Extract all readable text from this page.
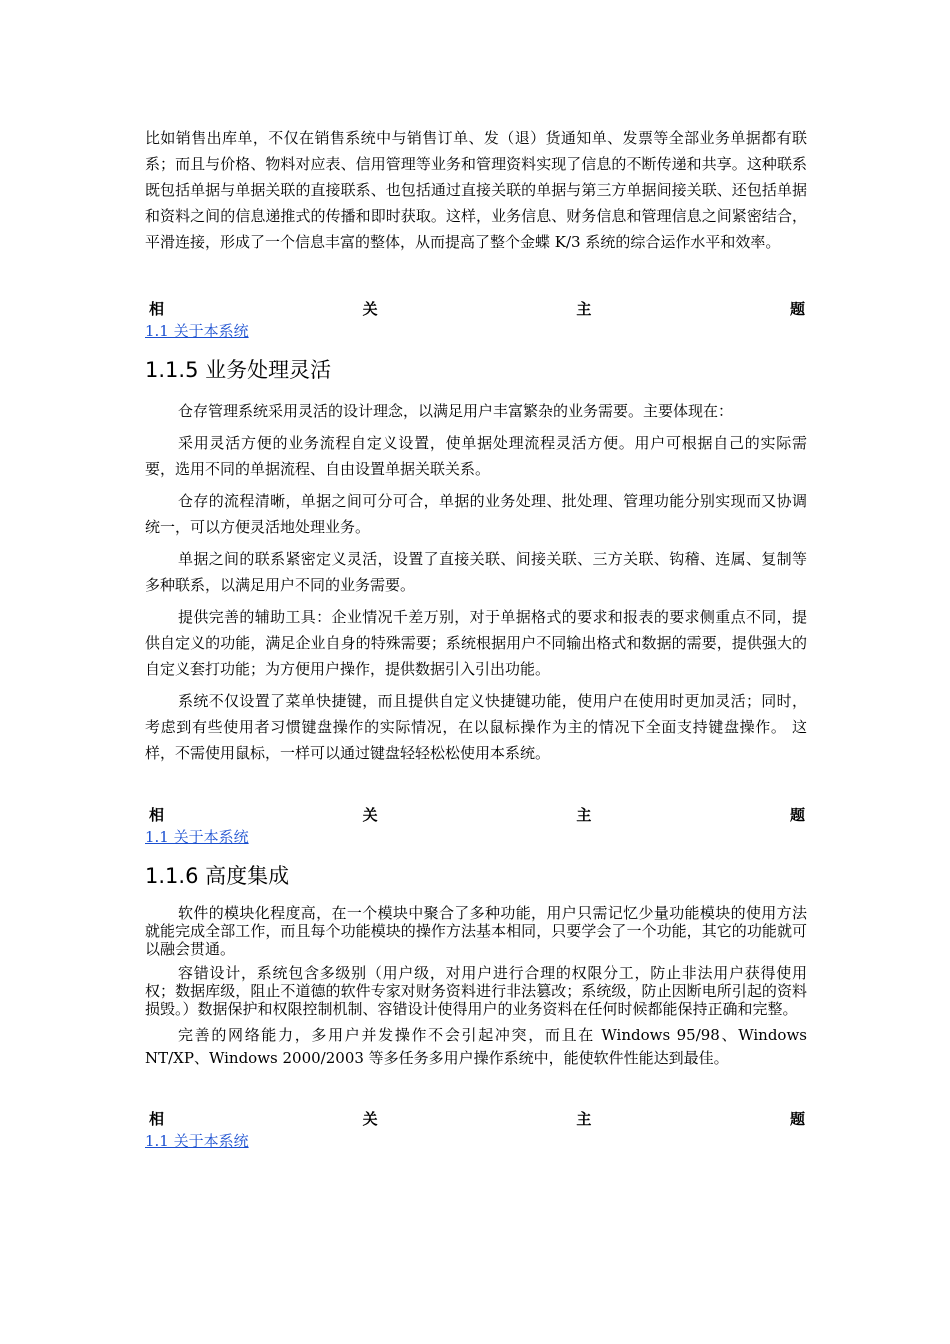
比如销售出库单，不仅在销售系统中与销售订单、发（退）货通知单、发票等全部业务单据都有联系；而且与价格、物料对应表、信用管理等业务和管理资料实现了信息的不断传递和共享。这种联系既包括单据与单据关联的直接联系、也包括通过直接关联的单据与第三方单据间接关联、还包括单据和资料之间的信息递推式的传播和即时获取。这样，业务信息、财务信息和管理信息之间紧密结合，平滑连接，形成了一个信息丰富的整体，从而提高了整个金蝶 K/3 系统的综合运作水平和效率。

相	关	主	题
1.1 关于本系统
1.1.5 业务处理灵活

仓存管理系统采用灵活的设计理念，以满足用户丰富繁杂的业务需要。主要体现在：

采用灵活方便的业务流程自定义设置，使单据处理流程灵活方便。用户可根据自己的实际需要，选用不同的单据流程、自由设置单据关联关系。

仓存的流程清晰，单据之间可分可合，单据的业务处理、批处理、管理功能分别实现而又协调统一，可以方便灵活地处理业务。

单据之间的联系紧密定义灵活，设置了直接关联、间接关联、三方关联、钩稽、连属、复制等多种联系，以满足用户不同的业务需要。

提供完善的辅助工具：企业情况千差万别，对于单据格式的要求和报表的要求侧重点不同，提供自定义的功能，满足企业自身的特殊需要；系统根据用户不同输出格式和数据的需要，提供强大的自定义套打功能；为方便用户操作，提供数据引入引出功能。

系统不仅设置了菜单快捷键，而且提供自定义快捷键功能，使用户在使用时更加灵活；同时，考虑到有些使用者习惯键盘操作的实际情况，在以鼠标操作为主的情况下全面支持键盘操作。 这样，不需使用鼠标，一样可以通过键盘轻轻松松使用本系统。

相	关	主	题
1.1 关于本系统
1.1.6 高度集成

软件的模块化程度高，在一个模块中聚合了多种功能，用户只需记忆少量功能模块的使用方法就能完成全部工作，而且每个功能模块的操作方法基本相同，只要学会了一个功能，其它的功能就可以融会贯通。

容错设计，系统包含多级别（用户级，对用户进行合理的权限分工，防止非法用户获得使用权；数据库级，阻止不道德的软件专家对财务资料进行非法篡改；系统级，防止因断电所引起的资料损毁。）数据保护和权限控制机制、容错设计使得用户的业务资料在任何时候都能保持正确和完整。

完善的网络能力，多用户并发操作不会引起冲突，而且在 Windows 95/98、Windows NT/XP、Windows 2000/2003 等多任务多用户操作系统中，能使软件性能达到最佳。

相	关	主	题
1.1 关于本系统
